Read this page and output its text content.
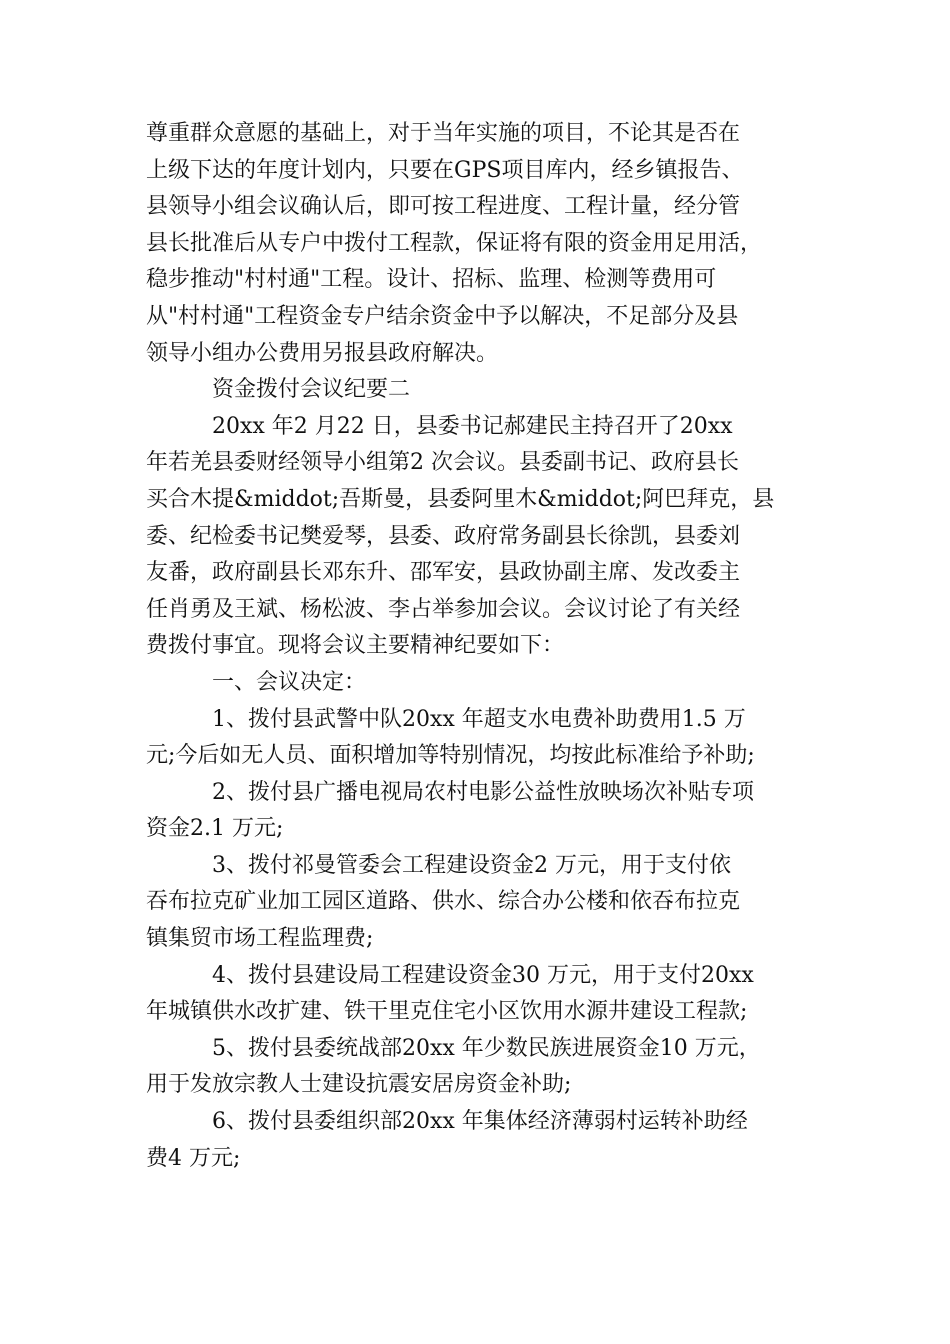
尊重群众意愿的基础上，对于当年实施的项目，不论其是否在
上级下达的年度计划内，只要在GPS项目库内，经乡镇报告、
县领导小组会议确认后，即可按工程进度、工程计量，经分管
县长批准后从专户中拨付工程款，保证将有限的资金用足用活，
稳步推动"村村通"工程。设计、招标、监理、检测等费用可
从"村村通"工程资金专户结余资金中予以解决，不足部分及县
领导小组办公费用另报县政府解决。
资金拨付会议纪要二
20xx 年2 月22 日，县委书记郝建民主持召开了20xx
年若羌县委财经领导小组第2 次会议。县委副书记、政府县长
买合木提&middot;吾斯曼，县委阿里木&middot;阿巴拜克，县
委、纪检委书记樊爱琴，县委、政府常务副县长徐凯，县委刘
友番，政府副县长邓东升、邵军安，县政协副主席、发改委主
任肖勇及王斌、杨松波、李占举参加会议。会议讨论了有关经
费拨付事宜。现将会议主要精神纪要如下：
一、会议决定：
1、拨付县武警中队20xx 年超支水电费补助费用1.5 万
元;今后如无人员、面积增加等特别情况，均按此标准给予补助;
2、拨付县广播电视局农村电影公益性放映场次补贴专项
资金2.1 万元;
3、拨付祁曼管委会工程建设资金2 万元，用于支付依
吞布拉克矿业加工园区道路、供水、综合办公楼和依吞布拉克
镇集贸市场工程监理费;
4、拨付县建设局工程建设资金30 万元，用于支付20xx
年城镇供水改扩建、铁干里克住宅小区饮用水源井建设工程款;
5、拨付县委统战部20xx 年少数民族进展资金10 万元，
用于发放宗教人士建设抗震安居房资金补助;
6、拨付县委组织部20xx 年集体经济薄弱村运转补助经
费4 万元;
